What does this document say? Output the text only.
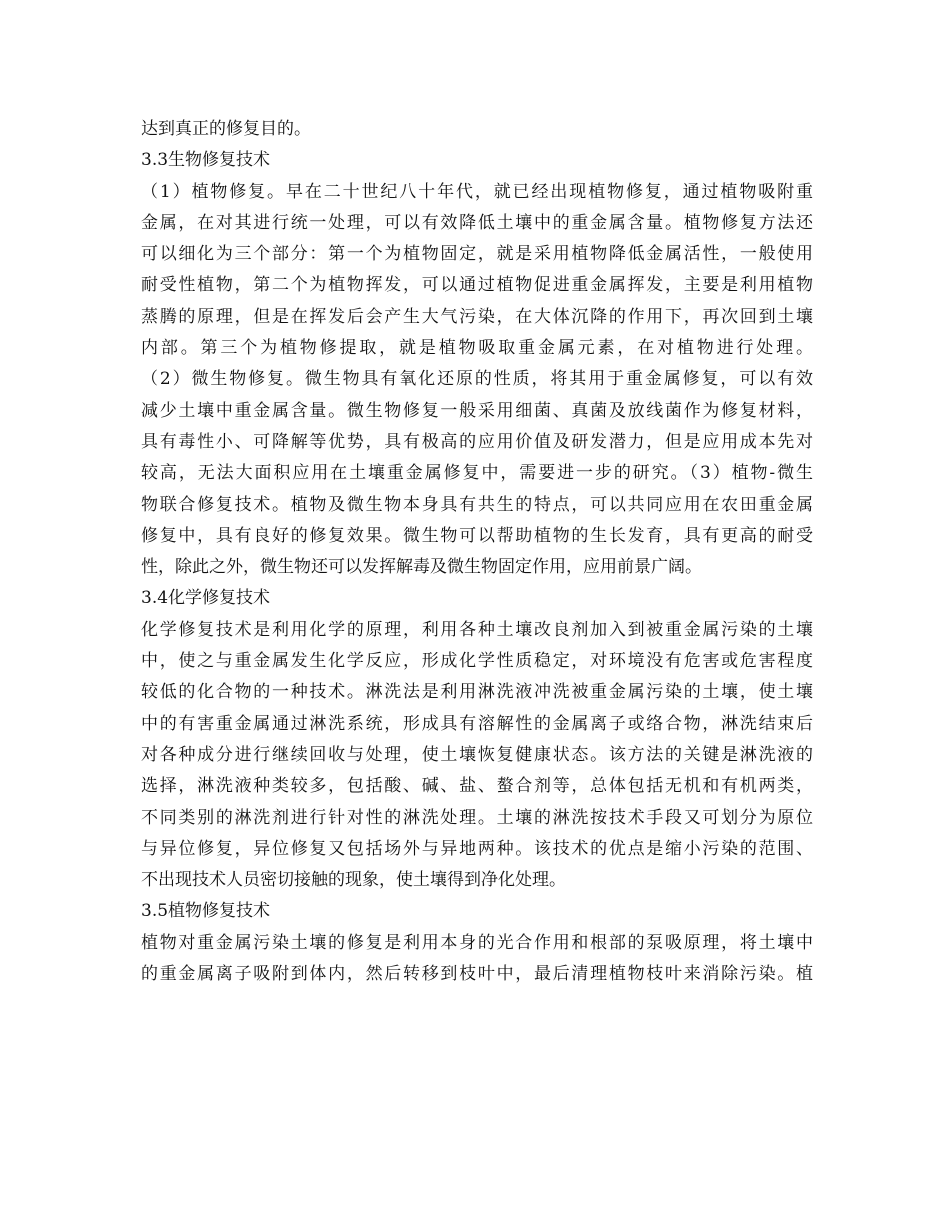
达到真正的修复目的。
3.3生物修复技术
（1）植物修复。早在二十世纪八十年代，就已经出现植物修复，通过植物吸附重
金属，在对其进行统一处理，可以有效降低土壤中的重金属含量。植物修复方法还
可以细化为三个部分：第一个为植物固定，就是采用植物降低金属活性，一般使用
耐受性植物，第二个为植物挥发，可以通过植物促进重金属挥发，主要是利用植物
蒸腾的原理，但是在挥发后会产生大气污染，在大体沉降的作用下，再次回到土壤
内部。第三个为植物修提取，就是植物吸取重金属元素，在对植物进行处理。
（2）微生物修复。微生物具有氧化还原的性质，将其用于重金属修复，可以有效
减少土壤中重金属含量。微生物修复一般采用细菌、真菌及放线菌作为修复材料，
具有毒性小、可降解等优势，具有极高的应用价值及研发潜力，但是应用成本先对
较高，无法大面积应用在土壤重金属修复中，需要进一步的研究。（3）植物-微生
物联合修复技术。植物及微生物本身具有共生的特点，可以共同应用在农田重金属
修复中，具有良好的修复效果。微生物可以帮助植物的生长发育，具有更高的耐受
性，除此之外，微生物还可以发挥解毒及微生物固定作用，应用前景广阔。
3.4化学修复技术
化学修复技术是利用化学的原理，利用各种土壤改良剂加入到被重金属污染的土壤
中，使之与重金属发生化学反应，形成化学性质稳定，对环境没有危害或危害程度
较低的化合物的一种技术。淋洗法是利用淋洗液冲洗被重金属污染的土壤，使土壤
中的有害重金属通过淋洗系统，形成具有溶解性的金属离子或络合物，淋洗结束后
对各种成分进行继续回收与处理，使土壤恢复健康状态。该方法的关键是淋洗液的
选择，淋洗液种类较多，包括酸、碱、盐、螯合剂等，总体包括无机和有机两类，
不同类别的淋洗剂进行针对性的淋洗处理。土壤的淋洗按技术手段又可划分为原位
与异位修复，异位修复又包括场外与异地两种。该技术的优点是缩小污染的范围、
不出现技术人员密切接触的现象，使土壤得到净化处理。
3.5植物修复技术
植物对重金属污染土壤的修复是利用本身的光合作用和根部的泵吸原理，将土壤中
的重金属离子吸附到体内，然后转移到枝叶中，最后清理植物枝叶来消除污染。植
